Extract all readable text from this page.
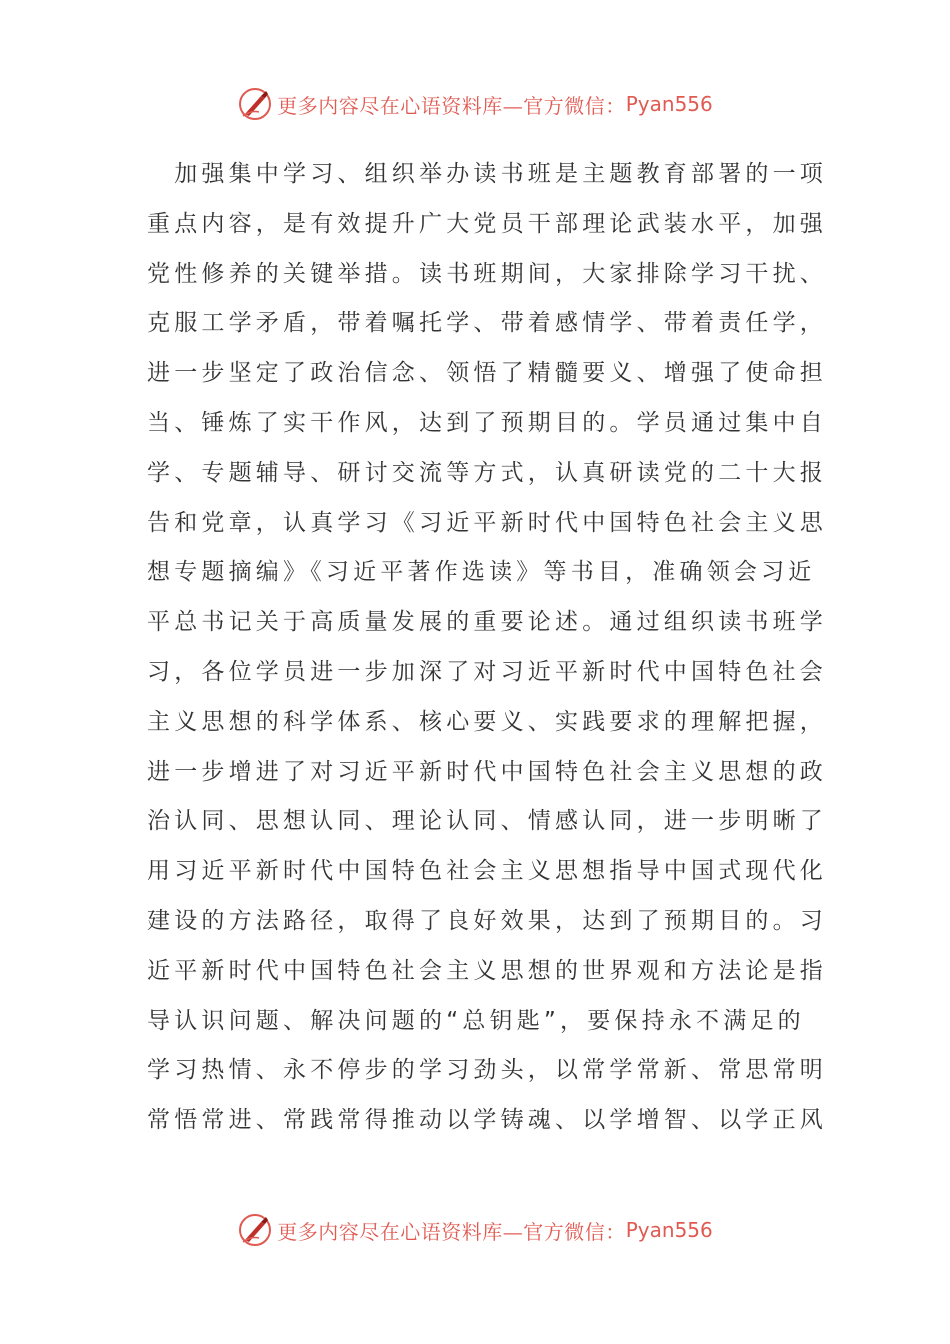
更多内容尽在心语资料库—官方微信： Pyan556
　加强集中学习、组织举办读书班是主题教育部署的一项
重点内容，是有效提升广大党员干部理论武装水平，加强
党性修养的关键举措。读书班期间，大家排除学习干扰、
克服工学矛盾，带着嘱托学、带着感情学、带着责任学，
进一步坚定了政治信念、领悟了精髓要义、增强了使命担
当、锤炼了实干作风，达到了预期目的。学员通过集中自
学、专题辅导、研讨交流等方式，认真研读党的二十大报
告和党章，认真学习《习近平新时代中国特色社会主义思
想专题摘编》《习近平著作选读》等书目，准确领会习近
平总书记关于高质量发展的重要论述。通过组织读书班学
习，各位学员进一步加深了对习近平新时代中国特色社会
主义思想的科学体系、核心要义、实践要求的理解把握，
进一步增进了对习近平新时代中国特色社会主义思想的政
治认同、思想认同、理论认同、情感认同，进一步明晰了
用习近平新时代中国特色社会主义思想指导中国式现代化
建设的方法路径，取得了良好效果，达到了预期目的。习
近平新时代中国特色社会主义思想的世界观和方法论是指
导认识问题、解决问题的“总钥匙”，要保持永不满足的
学习热情、永不停步的学习劲头，以常学常新、常思常明
常悟常进、常践常得推动以学铸魂、以学增智、以学正风
更多内容尽在心语资料库—官方微信： Pyan556
